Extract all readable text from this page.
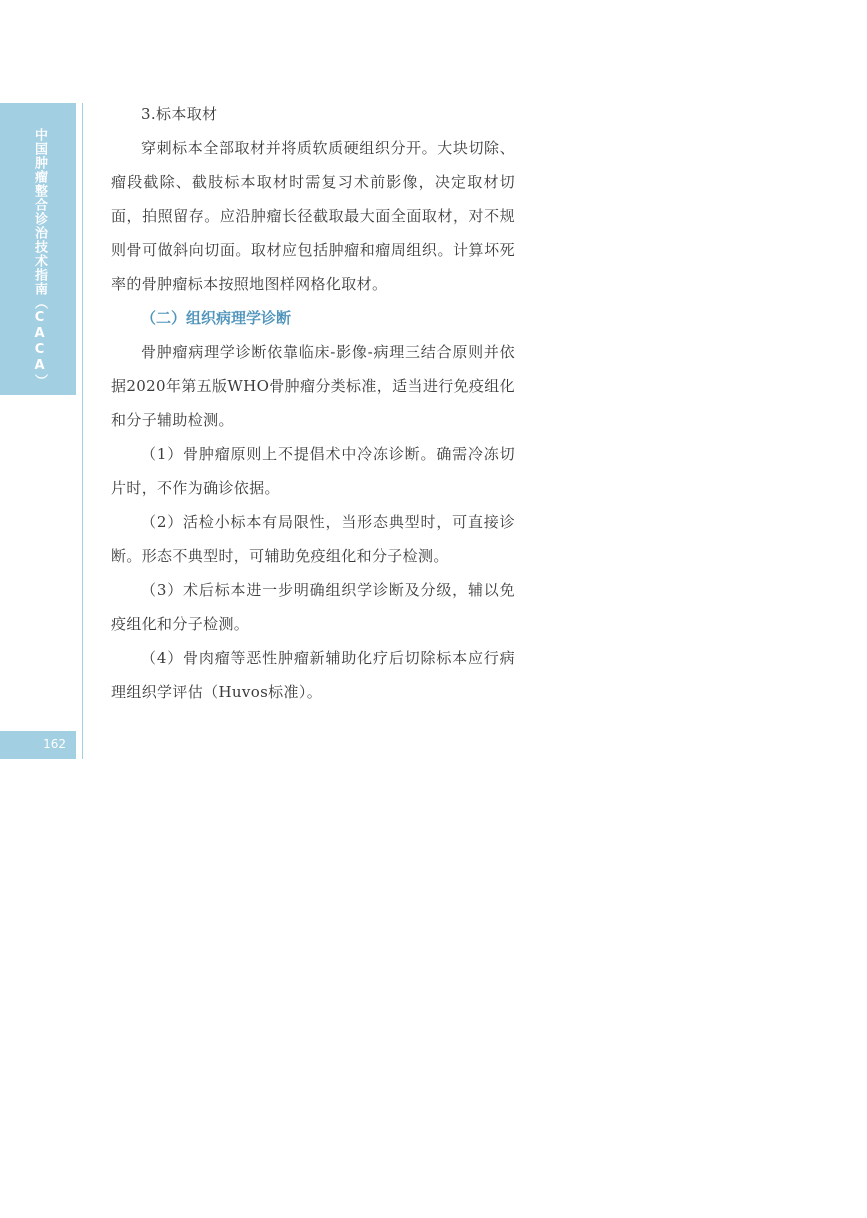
中国肿瘤整合诊治技术指南（CACA）
162

3.标本取材

穿刺标本全部取材并将质软质硬组织分开。大块切除、瘤段截除、截肢标本取材时需复习术前影像，决定取材切面，拍照留存。应沿肿瘤长径截取最大面全面取材，对不规则骨可做斜向切面。取材应包括肿瘤和瘤周组织。计算坏死率的骨肿瘤标本按照地图样网格化取材。

（二）组织病理学诊断

骨肿瘤病理学诊断依靠临床-影像-病理三结合原则并依据2020年第五版WHO骨肿瘤分类标准，适当进行免疫组化和分子辅助检测。

（1）骨肿瘤原则上不提倡术中冷冻诊断。确需冷冻切片时，不作为确诊依据。

（2）活检小标本有局限性，当形态典型时，可直接诊断。形态不典型时，可辅助免疫组化和分子检测。

（3）术后标本进一步明确组织学诊断及分级，辅以免疫组化和分子检测。

（4）骨肉瘤等恶性肿瘤新辅助化疗后切除标本应行病理组织学评估（Huvos标准）。
